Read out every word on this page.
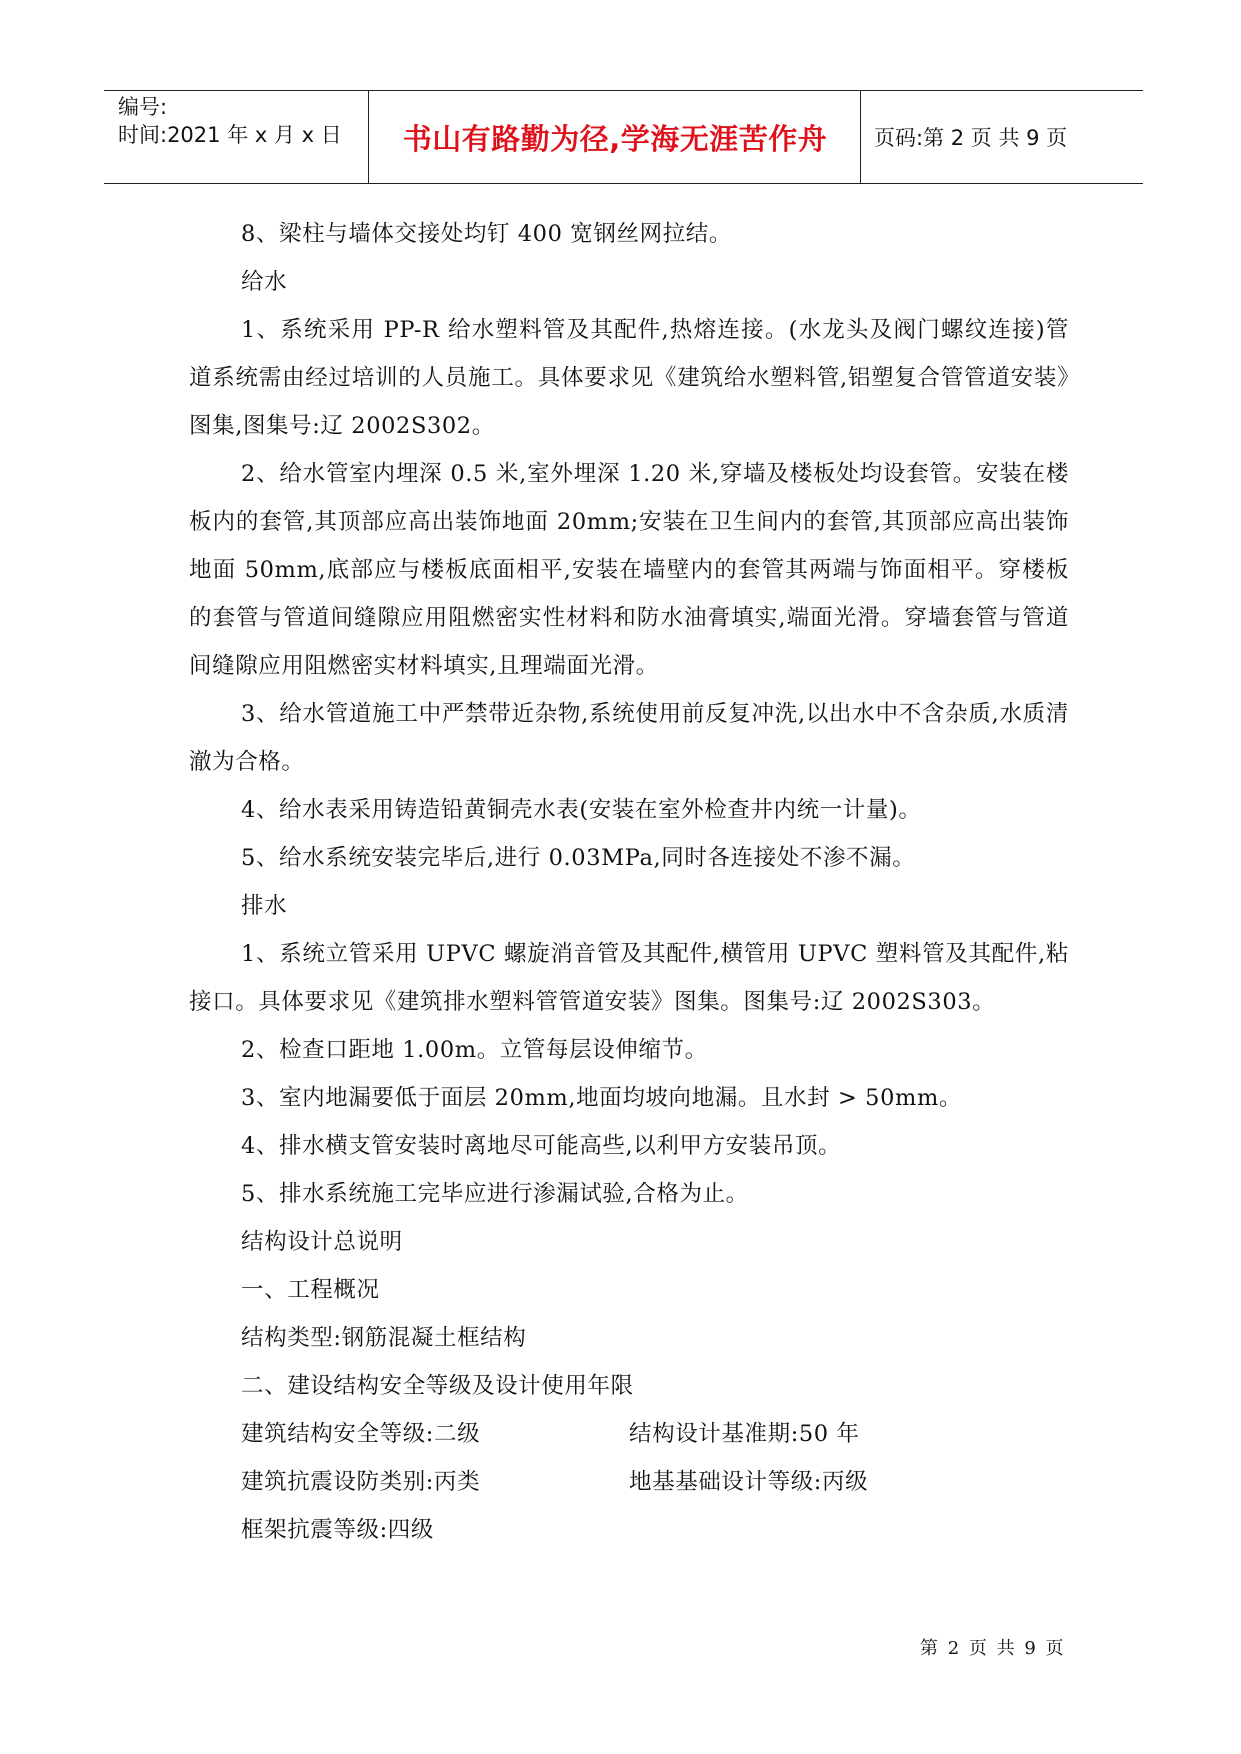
编号:
时间:2021 年 x 月 x 日	书山有路勤为径,学海无涯苦作舟	页码:第 2 页 共 9 页

8、梁柱与墙体交接处均钉 400 宽钢丝网拉结。

给水

1、系统采用 PP-R 给水塑料管及其配件,热熔连接。(水龙头及阀门螺纹连接)管道系统需由经过培训的人员施工。具体要求见《建筑给水塑料管,铝塑复合管管道安装》图集,图集号:辽 2002S302。

2、给水管室内埋深 0.5 米,室外埋深 1.20 米,穿墙及楼板处均设套管。安装在楼板内的套管,其顶部应高出装饰地面 20mm;安装在卫生间内的套管,其顶部应高出装饰地面 50mm,底部应与楼板底面相平,安装在墙壁内的套管其两端与饰面相平。穿楼板的套管与管道间缝隙应用阻燃密实性材料和防水油膏填实,端面光滑。穿墙套管与管道间缝隙应用阻燃密实材料填实,且理端面光滑。

3、给水管道施工中严禁带近杂物,系统使用前反复冲洗,以出水中不含杂质,水质清澈为合格。

4、给水表采用铸造铅黄铜壳水表(安装在室外检查井内统一计量)。

5、给水系统安装完毕后,进行 0.03MPa,同时各连接处不渗不漏。

排水

1、系统立管采用 UPVC 螺旋消音管及其配件,横管用 UPVC 塑料管及其配件,粘接口。具体要求见《建筑排水塑料管管道安装》图集。图集号:辽 2002S303。

2、检查口距地 1.00m。立管每层设伸缩节。

3、室内地漏要低于面层 20mm,地面均坡向地漏。且水封 > 50mm。

4、排水横支管安装时离地尽可能高些,以利甲方安装吊顶。

5、排水系统施工完毕应进行渗漏试验,合格为止。

结构设计总说明

一、工程概况

结构类型:钢筋混凝土框结构

二、建设结构安全等级及设计使用年限

建筑结构安全等级:二级	结构设计基准期:50 年
建筑抗震设防类别:丙类	地基基础设计等级:丙级

框架抗震等级:四级

第 2 页 共 9 页
